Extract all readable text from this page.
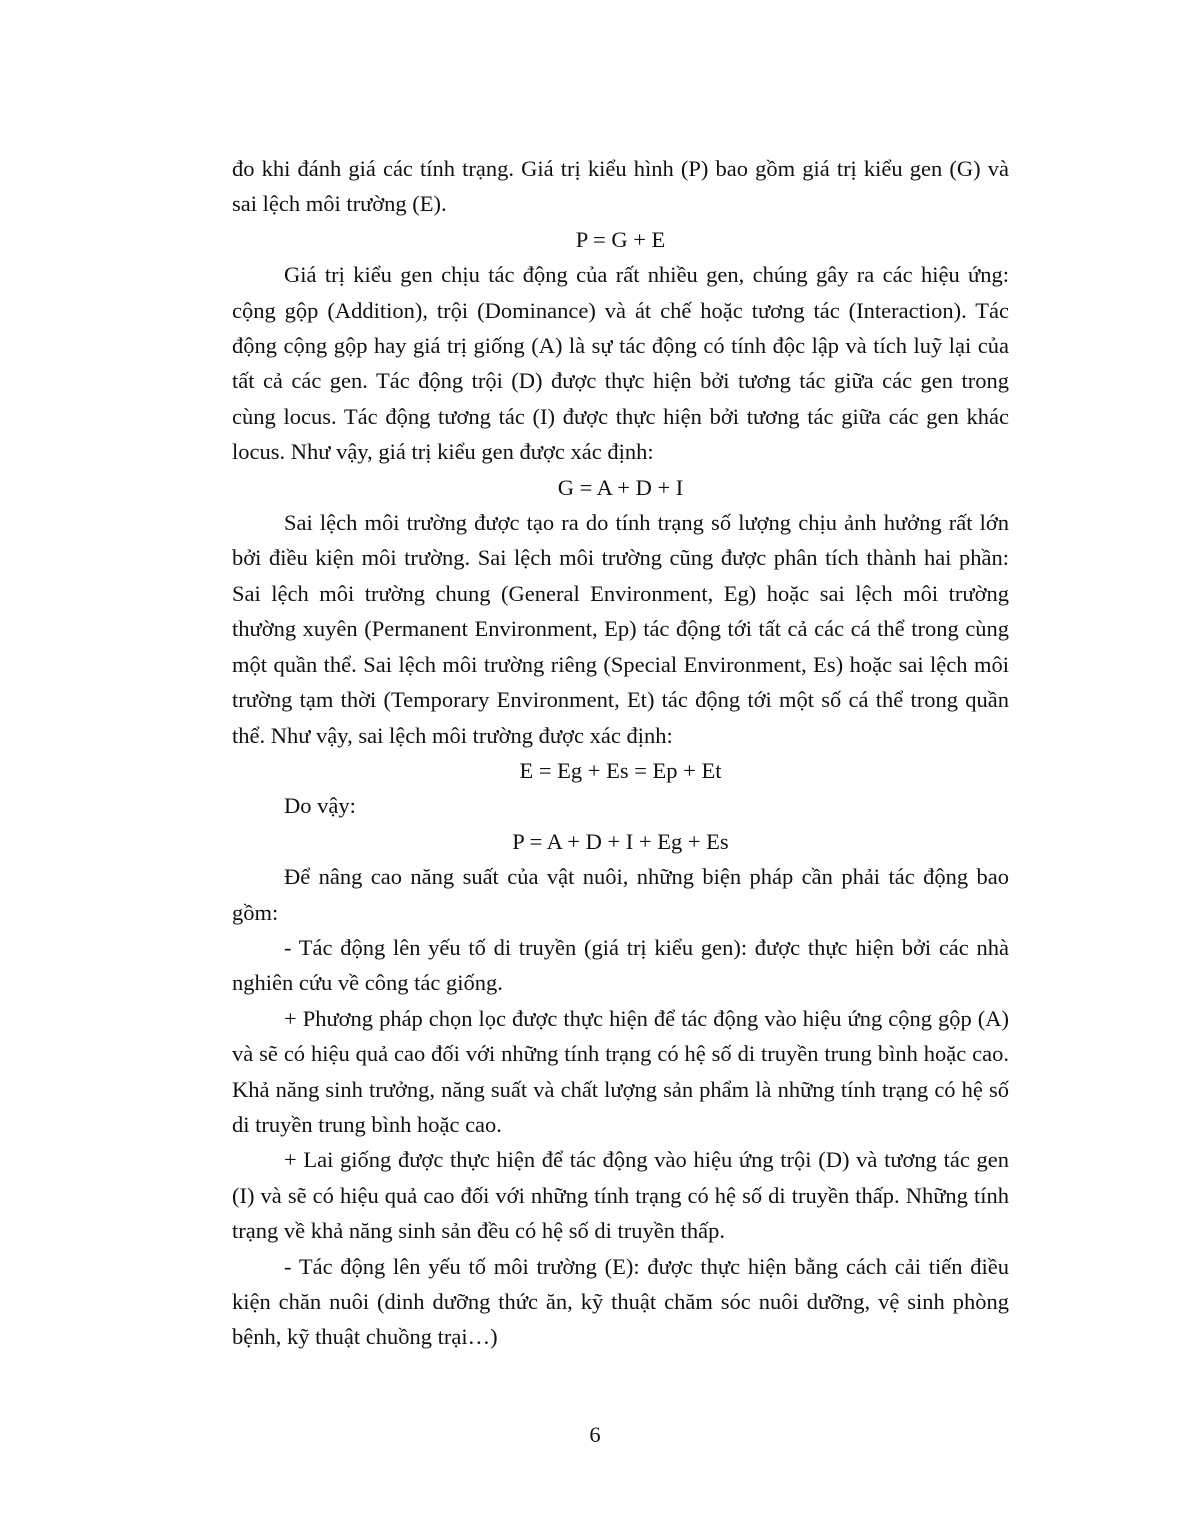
đo khi đánh giá các tính trạng. Giá trị kiểu hình (P) bao gồm giá trị kiểu gen (G) và sai lệch môi trường (E).

P = G + E

Giá trị kiểu gen chịu tác động của rất nhiều gen, chúng gây ra các hiệu ứng: cộng gộp (Addition), trội (Dominance) và át chế hoặc tương tác (Interaction). Tác động cộng gộp hay giá trị giống (A) là sự tác động có tính độc lập và tích luỹ lại của tất cả các gen. Tác động trội (D) được thực hiện bởi tương tác giữa các gen trong cùng locus. Tác động tương tác (I) được thực hiện bởi tương tác giữa các gen khác locus. Như vậy, giá trị kiểu gen được xác định:

G = A + D + I

Sai lệch môi trường được tạo ra do tính trạng số lượng chịu ảnh hưởng rất lớn bởi điều kiện môi trường. Sai lệch môi trường cũng được phân tích thành hai phần: Sai lệch môi trường chung (General Environment, Eg) hoặc sai lệch môi trường thường xuyên (Permanent Environment, Ep) tác động tới tất cả các cá thể trong cùng một quần thể. Sai lệch môi trường riêng (Special Environment, Es) hoặc sai lệch môi trường tạm thời (Temporary Environment, Et) tác động tới một số cá thể trong quần thể. Như vậy, sai lệch môi trường được xác định:

E = Eg + Es = Ep + Et

Do vậy:

P = A + D + I + Eg + Es

Để nâng cao năng suất của vật nuôi, những biện pháp cần phải tác động bao gồm:

- Tác động lên yếu tố di truyền (giá trị kiểu gen): được thực hiện bởi các nhà nghiên cứu về công tác giống.

+ Phương pháp chọn lọc được thực hiện để tác động vào hiệu ứng cộng gộp (A) và sẽ có hiệu quả cao đối với những tính trạng có hệ số di truyền trung bình hoặc cao. Khả năng sinh trưởng, năng suất và chất lượng sản phẩm là những tính trạng có hệ số di truyền trung bình hoặc cao.

+ Lai giống được thực hiện để tác động vào hiệu ứng trội (D) và tương tác gen (I) và sẽ có hiệu quả cao đối với những tính trạng có hệ số di truyền thấp. Những tính trạng về khả năng sinh sản đều có hệ số di truyền thấp.

- Tác động lên yếu tố môi trường (E): được thực hiện bằng cách cải tiến điều kiện chăn nuôi (dinh dưỡng thức ăn, kỹ thuật chăm sóc nuôi dưỡng, vệ sinh phòng bệnh, kỹ thuật chuồng trại…)

6
